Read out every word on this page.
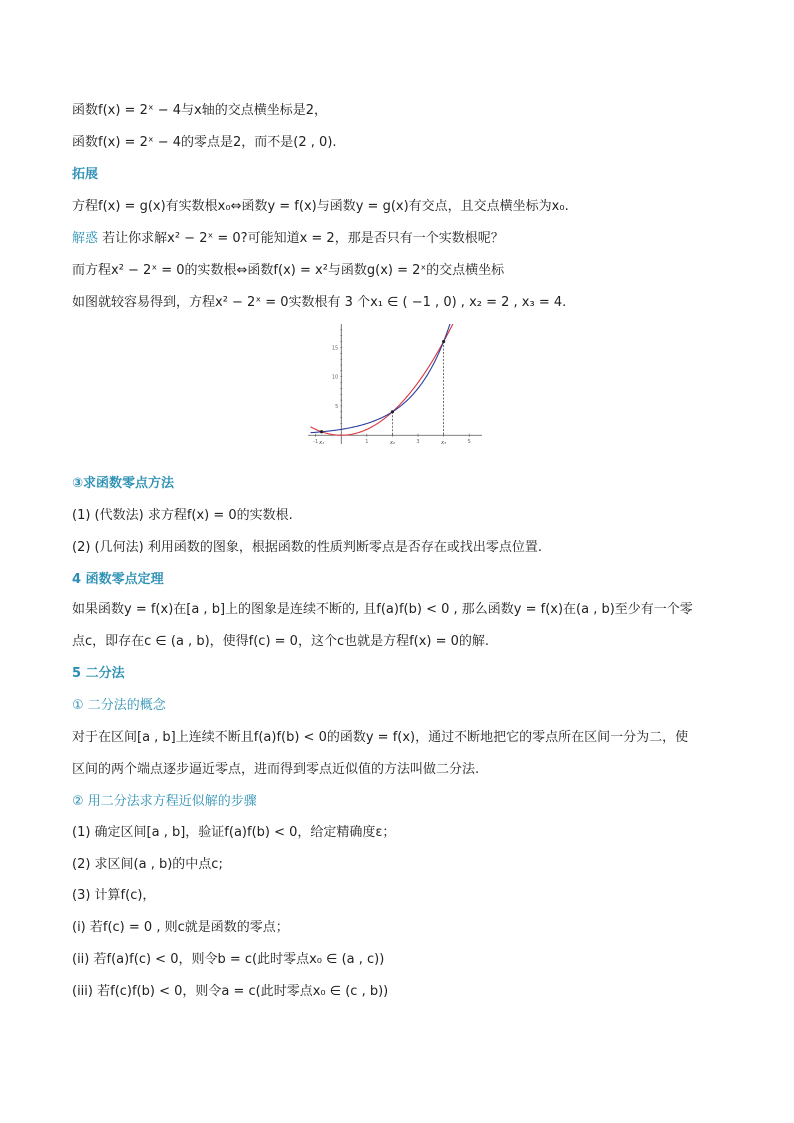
函数f(x) = 2ˣ − 4与x轴的交点横坐标是2，
函数f(x) = 2ˣ − 4的零点是2，而不是(2 , 0).
拓展
方程f(x) = g(x)有实数根x₀⇔函数y = f(x)与函数y = g(x)有交点，且交点横坐标为x₀.
解惑 若让你求解x² − 2ˣ = 0?可能知道x = 2，那是否只有一个实数根呢？
而方程x² − 2ˣ = 0的实数根⇔函数f(x) = x²与函数g(x) = 2ˣ的交点横坐标
如图就较容易得到，方程x² − 2ˣ = 0实数根有 3 个x₁ ∈ ( −1 , 0) , x₂ = 2 , x₃ = 4.
-1	1	3	5
5
10
15
x₁	x₂	x₃
③求函数零点方法
(1) (代数法) 求方程f(x) = 0的实数根.
(2) (几何法) 利用函数的图象，根据函数的性质判断零点是否存在或找出零点位置.
4 函数零点定理
如果函数y = f(x)在[a , b]上的图象是连续不断的, 且f(a)f(b) < 0 , 那么函数y = f(x)在(a , b)至少有一个零
点c，即存在c ∈ (a , b)，使得f(c) = 0，这个c也就是方程f(x) = 0的解.
5 二分法
① 二分法的概念
对于在区间[a , b]上连续不断且f(a)f(b) < 0的函数y = f(x)，通过不断地把它的零点所在区间一分为二，使
区间的两个端点逐步逼近零点，进而得到零点近似值的方法叫做二分法.
② 用二分法求方程近似解的步骤
(1) 确定区间[a , b]，验证f(a)f(b) < 0，给定精确度ε；
(2) 求区间(a , b)的中点c;
(3) 计算f(c)，
(i) 若f(c) = 0 , 则c就是函数的零点；
(ii) 若f(a)f(c) < 0，则令b = c(此时零点x₀ ∈ (a , c))
(iii) 若f(c)f(b) < 0，则令a = c(此时零点x₀ ∈ (c , b))
